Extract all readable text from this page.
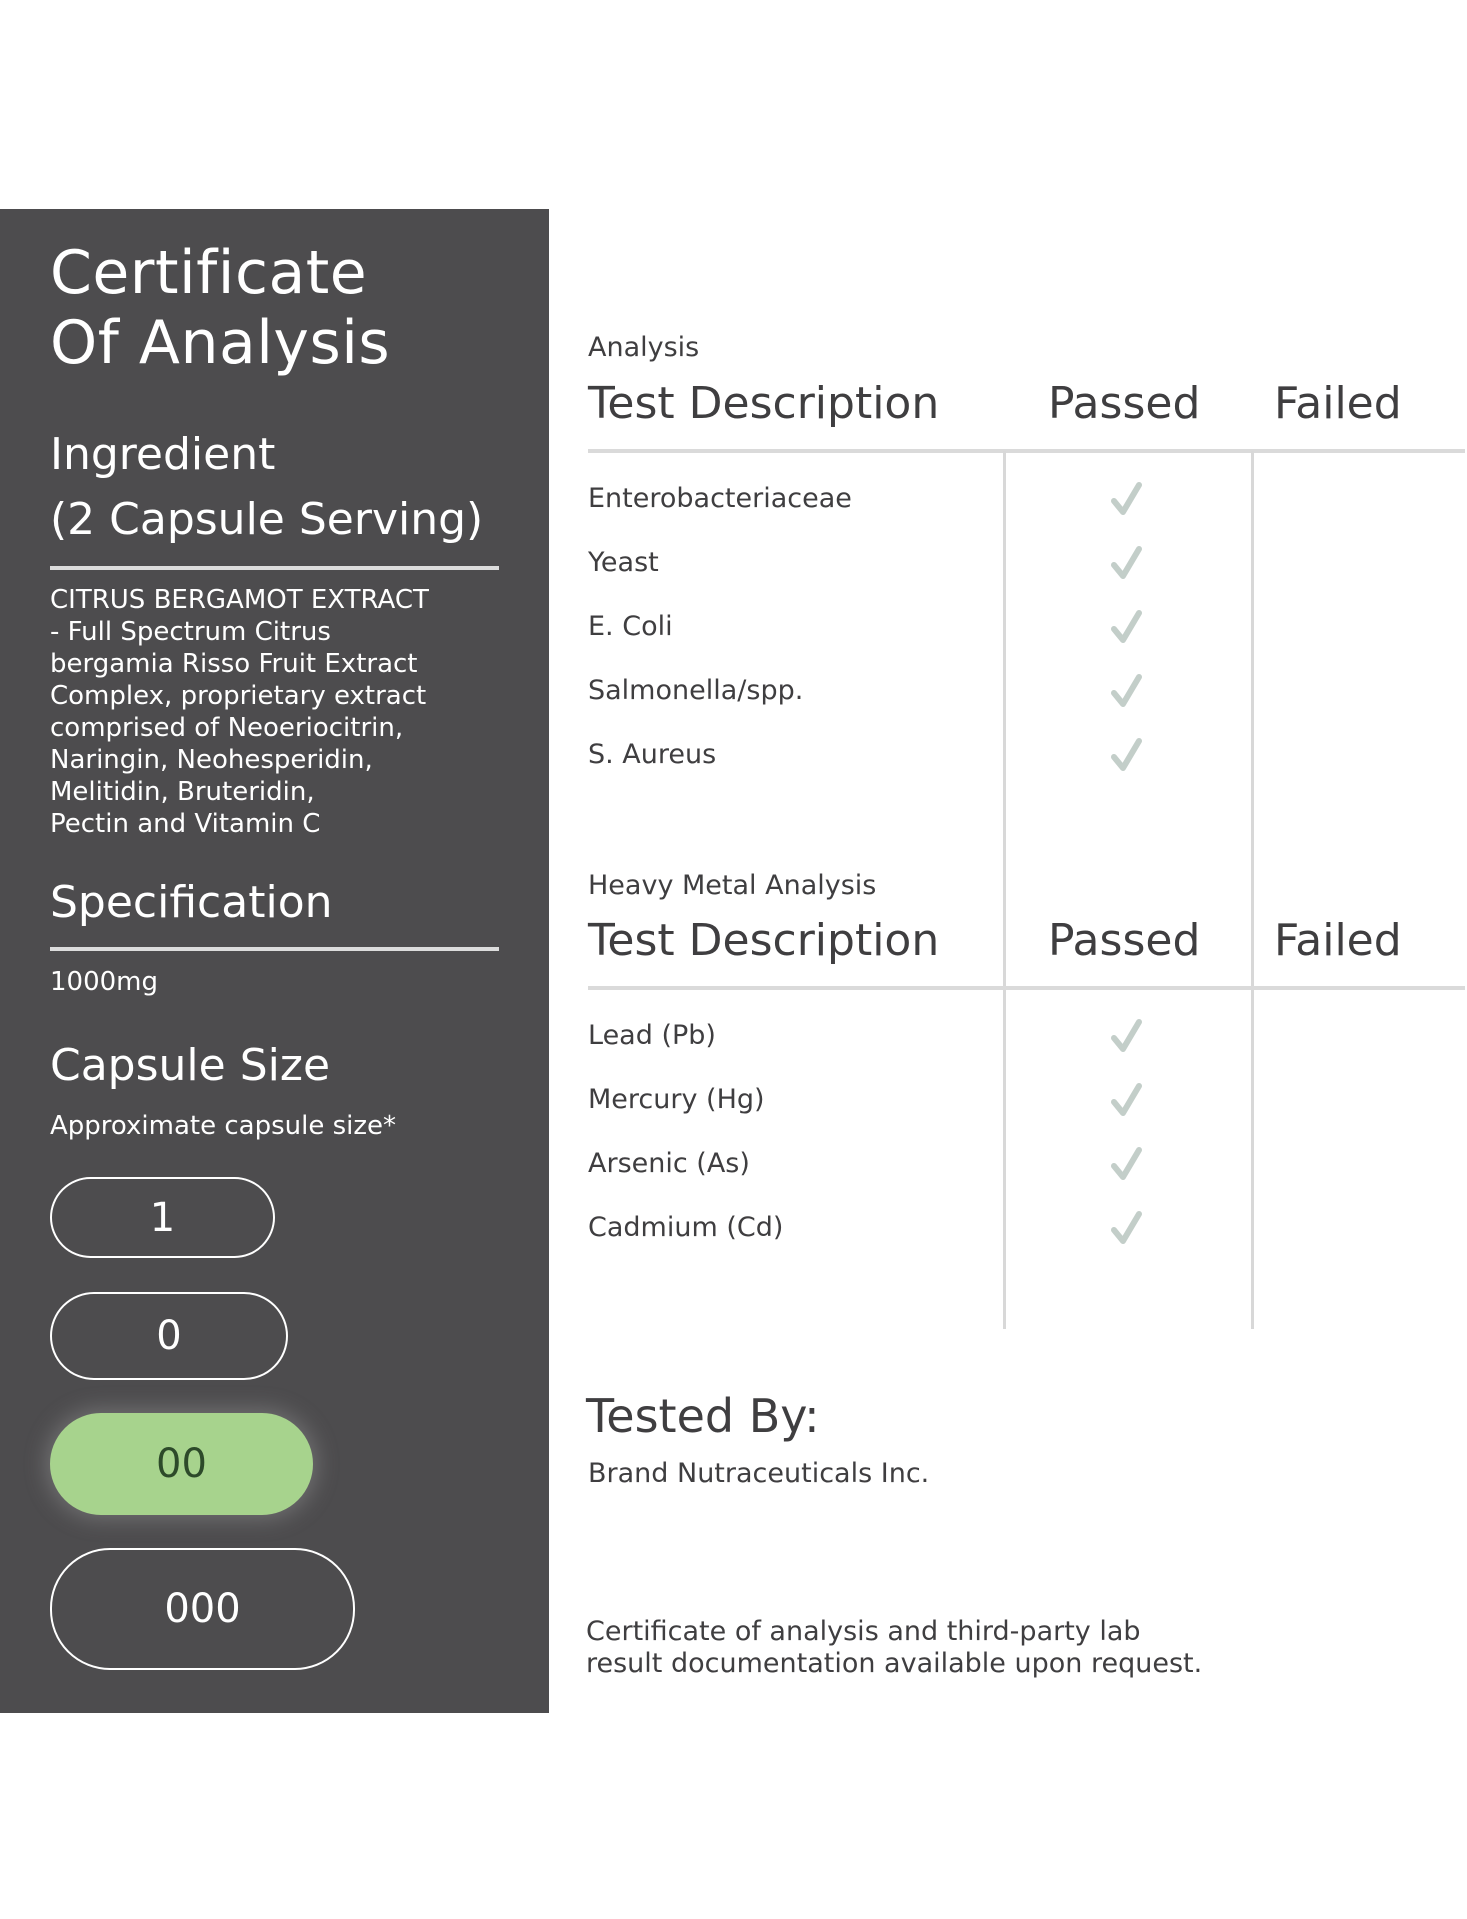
Certificate
Of Analysis
Ingredient
(2 Capsule Serving)
CITRUS BERGAMOT EXTRACT
- Full Spectrum Citrus
bergamia Risso Fruit Extract
Complex, proprietary extract
comprised of Neoeriocitrin,
Naringin, Neohesperidin,
Melitidin, Bruteridin,
Pectin and Vitamin C
Specification
1000mg
Capsule Size
Approximate capsule size*
1
0
00
000
Analysis
Test Description Passed Failed
Enterobacteriaceae
Yeast
E. Coli
Salmonella/spp.
S. Aureus
Heavy Metal Analysis
Test Description Passed Failed
Lead (Pb)
Mercury (Hg)
Arsenic (As)
Cadmium (Cd)
Tested By:
Brand Nutraceuticals Inc.
Certificate of analysis and third-party lab
result documentation available upon request.
